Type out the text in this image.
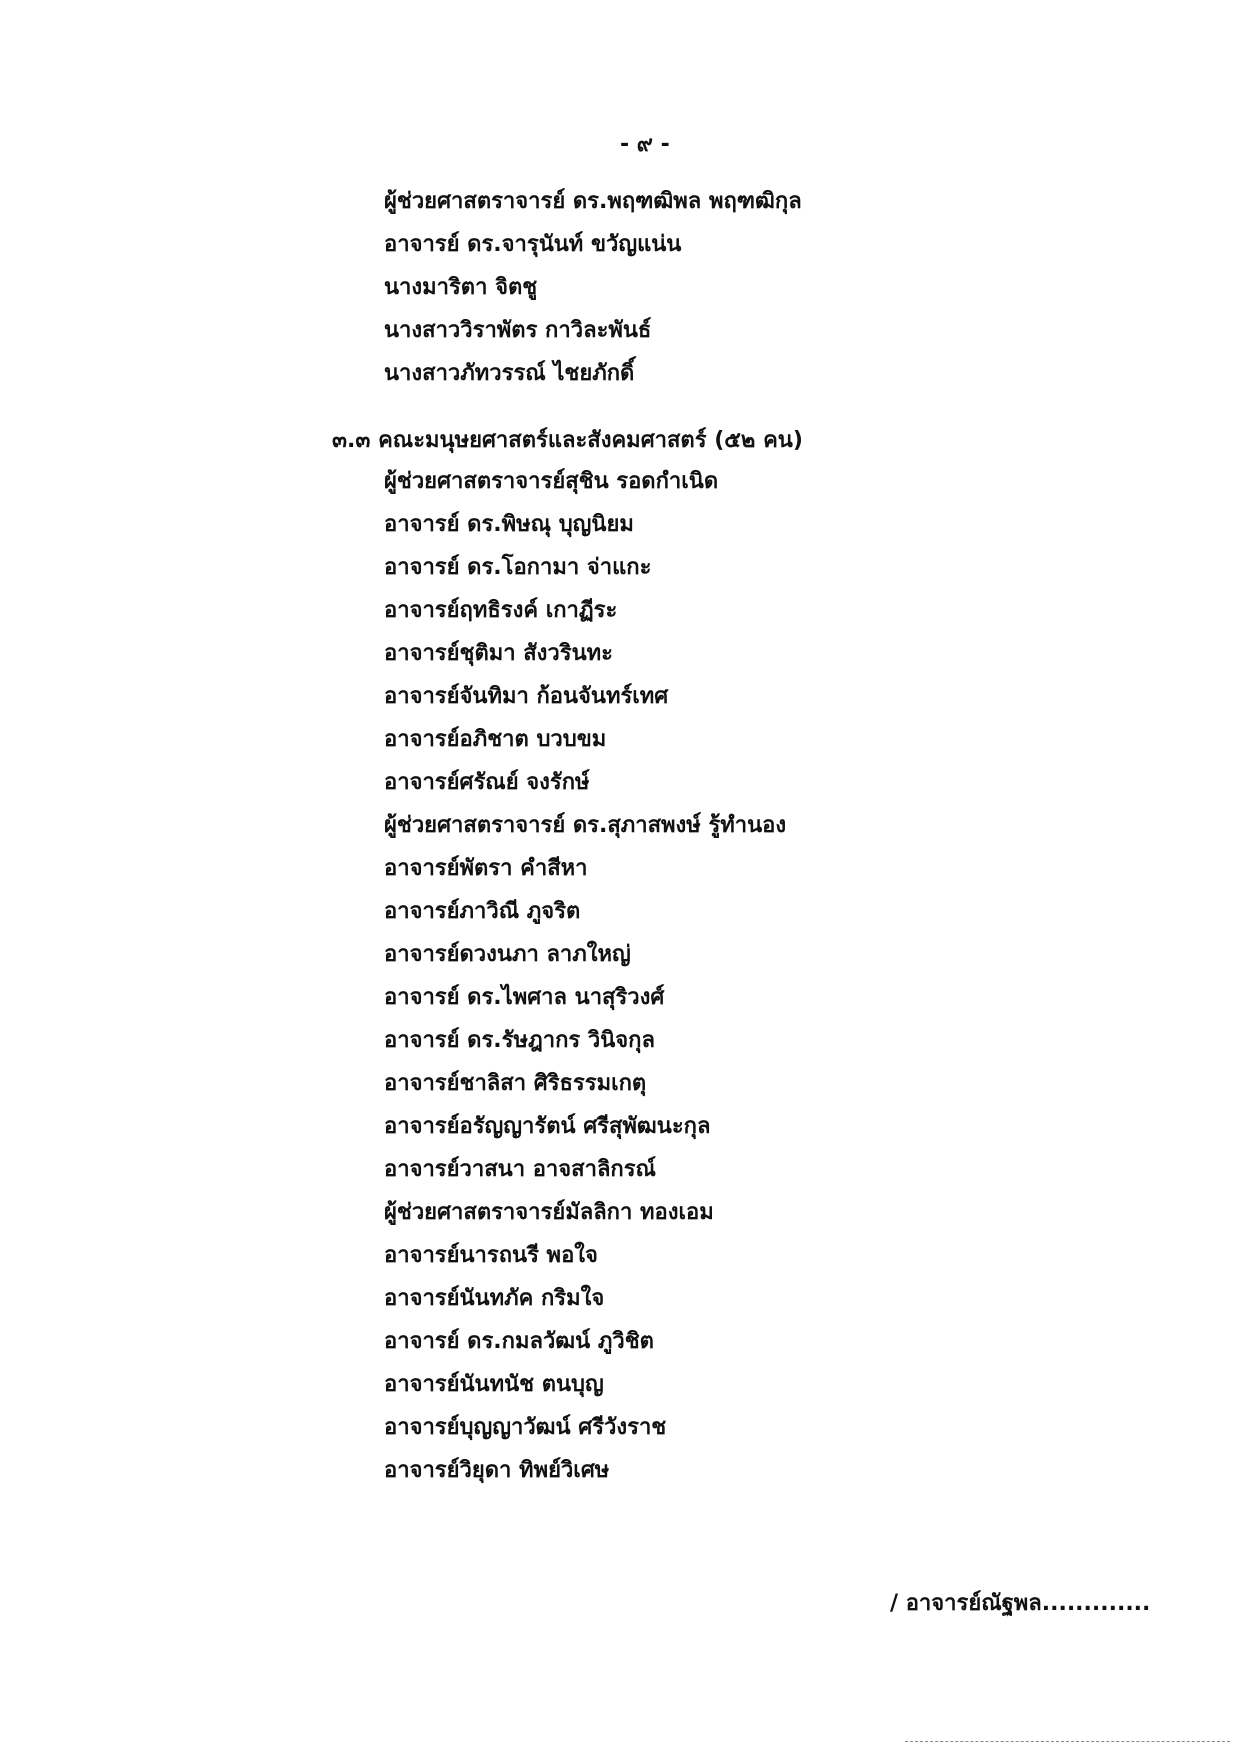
- ๙ -
ผู้ช่วยศาสตราจารย์ ดร.พฤฑฒิพล พฤฑฒิกุล
อาจารย์ ดร.จารุนันท์ ขวัญแน่น
นางมาริตา จิตชู
นางสาววิราพัตร กาวิละพันธ์
นางสาวภัทวรรณ์ ไชยภักดิ์
๓.๓ คณะมนุษยศาสตร์และสังคมศาสตร์ (๕๒ คน)
ผู้ช่วยศาสตราจารย์สุชิน รอดกำเนิด
อาจารย์ ดร.พิษณุ บุญนิยม
อาจารย์ ดร.โอกามา จ่าแกะ
อาจารย์ฤทธิรงค์ เกาฏีระ
อาจารย์ชุติมา สังวรินทะ
อาจารย์จันทิมา ก้อนจันทร์เทศ
อาจารย์อภิชาต บวบขม
อาจารย์ศรัณย์ จงรักษ์
ผู้ช่วยศาสตราจารย์ ดร.สุภาสพงษ์ รู้ทำนอง
อาจารย์พัตรา คำสีหา
อาจารย์ภาวิณี ภูจริต
อาจารย์ดวงนภา ลาภใหญ่
อาจารย์ ดร.ไพศาล นาสุริวงศ์
อาจารย์ ดร.รัษฎากร วินิจกุล
อาจารย์ชาลิสา ศิริธรรมเกตุ
อาจารย์อรัญญารัตน์ ศรีสุพัฒนะกุล
อาจารย์วาสนา อาจสาลิกรณ์
ผู้ช่วยศาสตราจารย์มัลลิกา ทองเอม
อาจารย์นารถนรี พอใจ
อาจารย์นันทภัค กริมใจ
อาจารย์ ดร.กมลวัฒน์ ภูวิชิต
อาจารย์นันทนัช ตนบุญ
อาจารย์บุญญาวัฒน์ ศรีวังราช
อาจารย์วิยุดา ทิพย์วิเศษ
/ อาจารย์ณัฐพล.............
